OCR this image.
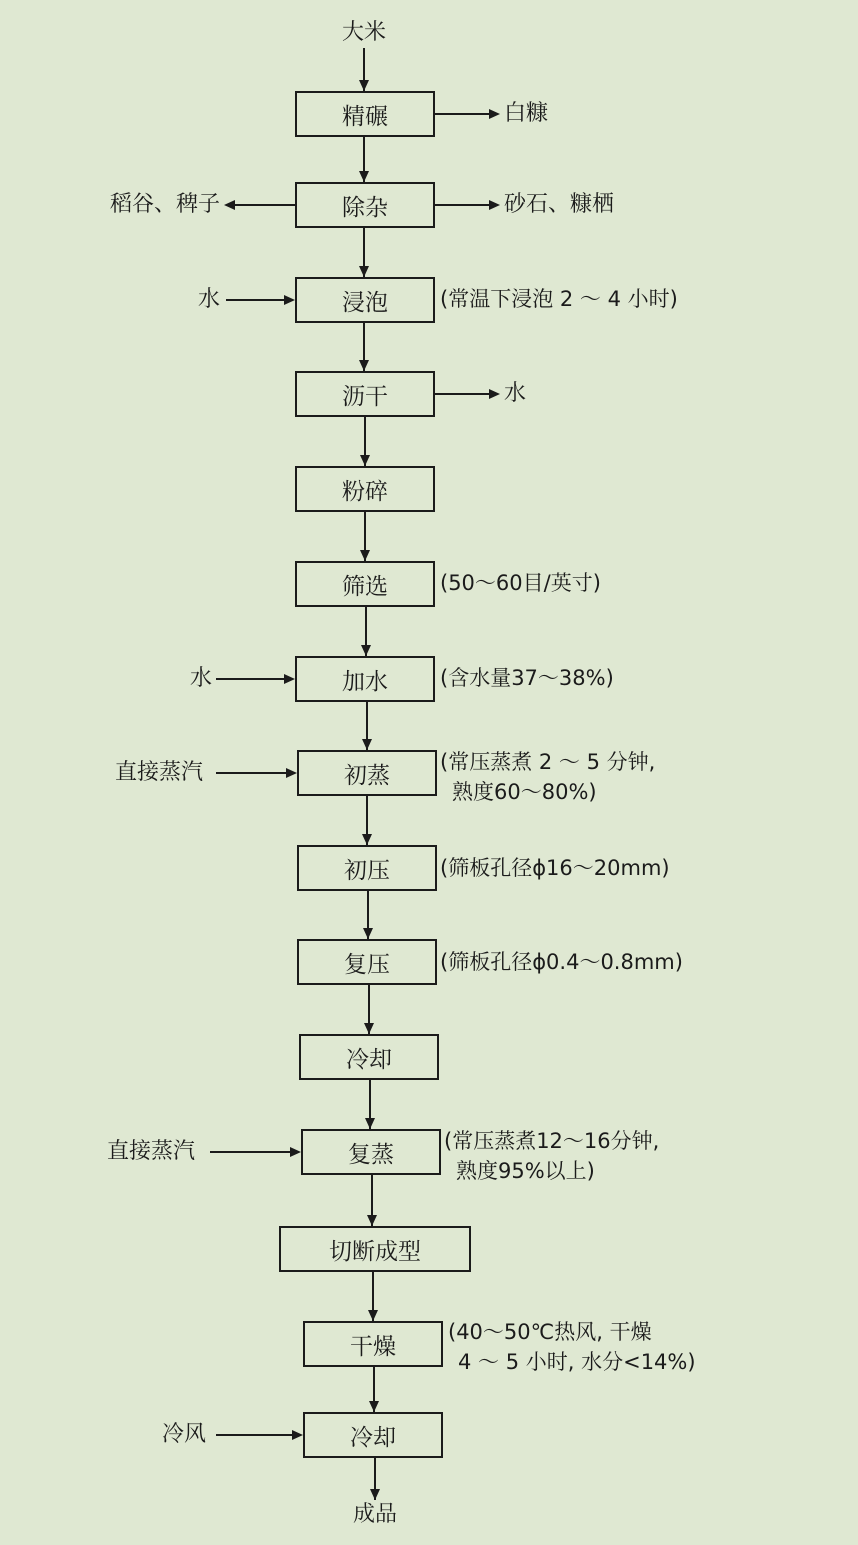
大米
成品
精碾	白糠
除杂
稻谷、稗子	砂石、糠栖
浸泡
水	(常温下浸泡 2 ～ 4 小时)
沥干	水
粉碎
筛选	(50～60目/英寸)
加水
水	(含水量37～38%)
初蒸
直接蒸汽	(常压蒸煮 2 ～ 5 分钟,
熟度60～80%)
初压	(筛板孔径ϕ16～20mm)
复压	(筛板孔径ϕ0.4～0.8mm)
冷却
复蒸
直接蒸汽	(常压蒸煮12～16分钟,
熟度95%以上)
切断成型
干燥
(40～50℃热风, 干燥
4 ～ 5 小时, 水分<14%)
冷却
冷风
